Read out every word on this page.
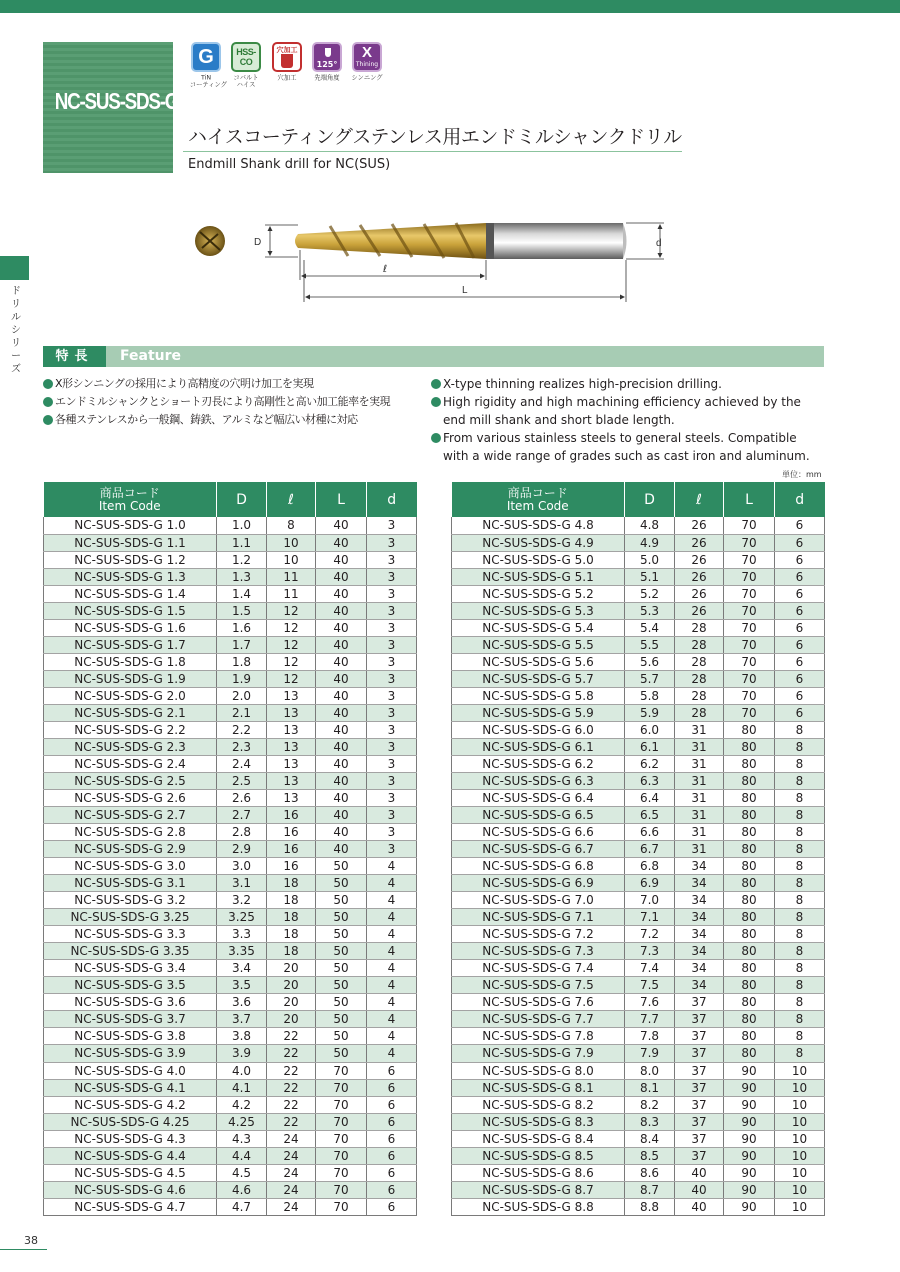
NC-SUS-SDS-G
G
TiN
コーティング
HSS-CO
コバルト
ハイス
穴加工
穴加工
125°
先端角度
X
Thining
シンニング
ハイスコーティングステンレス用エンドミルシャンクドリル
Endmill Shank drill for NC(SUS)
ドリルシリーズ
D	d
ℓ
L
特長	Feature
X形シンニングの採用により高精度の穴明け加工を実現
エンドミルシャンクとショート刃長により高剛性と高い加工能率を実現
各種ステンレスから一般鋼、鋳鉄、アルミなど幅広い材種に対応
X-type thinning realizes high-precision drilling.
High rigidity and high machining efficiency achieved by the end mill shank and short blade length.
From various stainless steels to general steels. Compatible with a wide range of grades such as cast iron and aluminum.
単位：mm
商品コード
Item Code	D	ℓ	L	d
NC-SUS-SDS-G 1.0	1.0	8	40	3
NC-SUS-SDS-G 1.1	1.1	10	40	3
NC-SUS-SDS-G 1.2	1.2	10	40	3
NC-SUS-SDS-G 1.3	1.3	11	40	3
NC-SUS-SDS-G 1.4	1.4	11	40	3
NC-SUS-SDS-G 1.5	1.5	12	40	3
NC-SUS-SDS-G 1.6	1.6	12	40	3
NC-SUS-SDS-G 1.7	1.7	12	40	3
NC-SUS-SDS-G 1.8	1.8	12	40	3
NC-SUS-SDS-G 1.9	1.9	12	40	3
NC-SUS-SDS-G 2.0	2.0	13	40	3
NC-SUS-SDS-G 2.1	2.1	13	40	3
NC-SUS-SDS-G 2.2	2.2	13	40	3
NC-SUS-SDS-G 2.3	2.3	13	40	3
NC-SUS-SDS-G 2.4	2.4	13	40	3
NC-SUS-SDS-G 2.5	2.5	13	40	3
NC-SUS-SDS-G 2.6	2.6	13	40	3
NC-SUS-SDS-G 2.7	2.7	16	40	3
NC-SUS-SDS-G 2.8	2.8	16	40	3
NC-SUS-SDS-G 2.9	2.9	16	40	3
NC-SUS-SDS-G 3.0	3.0	16	50	4
NC-SUS-SDS-G 3.1	3.1	18	50	4
NC-SUS-SDS-G 3.2	3.2	18	50	4
NC-SUS-SDS-G 3.25	3.25	18	50	4
NC-SUS-SDS-G 3.3	3.3	18	50	4
NC-SUS-SDS-G 3.35	3.35	18	50	4
NC-SUS-SDS-G 3.4	3.4	20	50	4
NC-SUS-SDS-G 3.5	3.5	20	50	4
NC-SUS-SDS-G 3.6	3.6	20	50	4
NC-SUS-SDS-G 3.7	3.7	20	50	4
NC-SUS-SDS-G 3.8	3.8	22	50	4
NC-SUS-SDS-G 3.9	3.9	22	50	4
NC-SUS-SDS-G 4.0	4.0	22	70	6
NC-SUS-SDS-G 4.1	4.1	22	70	6
NC-SUS-SDS-G 4.2	4.2	22	70	6
NC-SUS-SDS-G 4.25	4.25	22	70	6
NC-SUS-SDS-G 4.3	4.3	24	70	6
NC-SUS-SDS-G 4.4	4.4	24	70	6
NC-SUS-SDS-G 4.5	4.5	24	70	6
NC-SUS-SDS-G 4.6	4.6	24	70	6
NC-SUS-SDS-G 4.7	4.7	24	70	6
商品コード
Item Code	D	ℓ	L	d
NC-SUS-SDS-G 4.8	4.8	26	70	6
NC-SUS-SDS-G 4.9	4.9	26	70	6
NC-SUS-SDS-G 5.0	5.0	26	70	6
NC-SUS-SDS-G 5.1	5.1	26	70	6
NC-SUS-SDS-G 5.2	5.2	26	70	6
NC-SUS-SDS-G 5.3	5.3	26	70	6
NC-SUS-SDS-G 5.4	5.4	28	70	6
NC-SUS-SDS-G 5.5	5.5	28	70	6
NC-SUS-SDS-G 5.6	5.6	28	70	6
NC-SUS-SDS-G 5.7	5.7	28	70	6
NC-SUS-SDS-G 5.8	5.8	28	70	6
NC-SUS-SDS-G 5.9	5.9	28	70	6
NC-SUS-SDS-G 6.0	6.0	31	80	8
NC-SUS-SDS-G 6.1	6.1	31	80	8
NC-SUS-SDS-G 6.2	6.2	31	80	8
NC-SUS-SDS-G 6.3	6.3	31	80	8
NC-SUS-SDS-G 6.4	6.4	31	80	8
NC-SUS-SDS-G 6.5	6.5	31	80	8
NC-SUS-SDS-G 6.6	6.6	31	80	8
NC-SUS-SDS-G 6.7	6.7	31	80	8
NC-SUS-SDS-G 6.8	6.8	34	80	8
NC-SUS-SDS-G 6.9	6.9	34	80	8
NC-SUS-SDS-G 7.0	7.0	34	80	8
NC-SUS-SDS-G 7.1	7.1	34	80	8
NC-SUS-SDS-G 7.2	7.2	34	80	8
NC-SUS-SDS-G 7.3	7.3	34	80	8
NC-SUS-SDS-G 7.4	7.4	34	80	8
NC-SUS-SDS-G 7.5	7.5	34	80	8
NC-SUS-SDS-G 7.6	7.6	37	80	8
NC-SUS-SDS-G 7.7	7.7	37	80	8
NC-SUS-SDS-G 7.8	7.8	37	80	8
NC-SUS-SDS-G 7.9	7.9	37	80	8
NC-SUS-SDS-G 8.0	8.0	37	90	10
NC-SUS-SDS-G 8.1	8.1	37	90	10
NC-SUS-SDS-G 8.2	8.2	37	90	10
NC-SUS-SDS-G 8.3	8.3	37	90	10
NC-SUS-SDS-G 8.4	8.4	37	90	10
NC-SUS-SDS-G 8.5	8.5	37	90	10
NC-SUS-SDS-G 8.6	8.6	40	90	10
NC-SUS-SDS-G 8.7	8.7	40	90	10
NC-SUS-SDS-G 8.8	8.8	40	90	10
38
